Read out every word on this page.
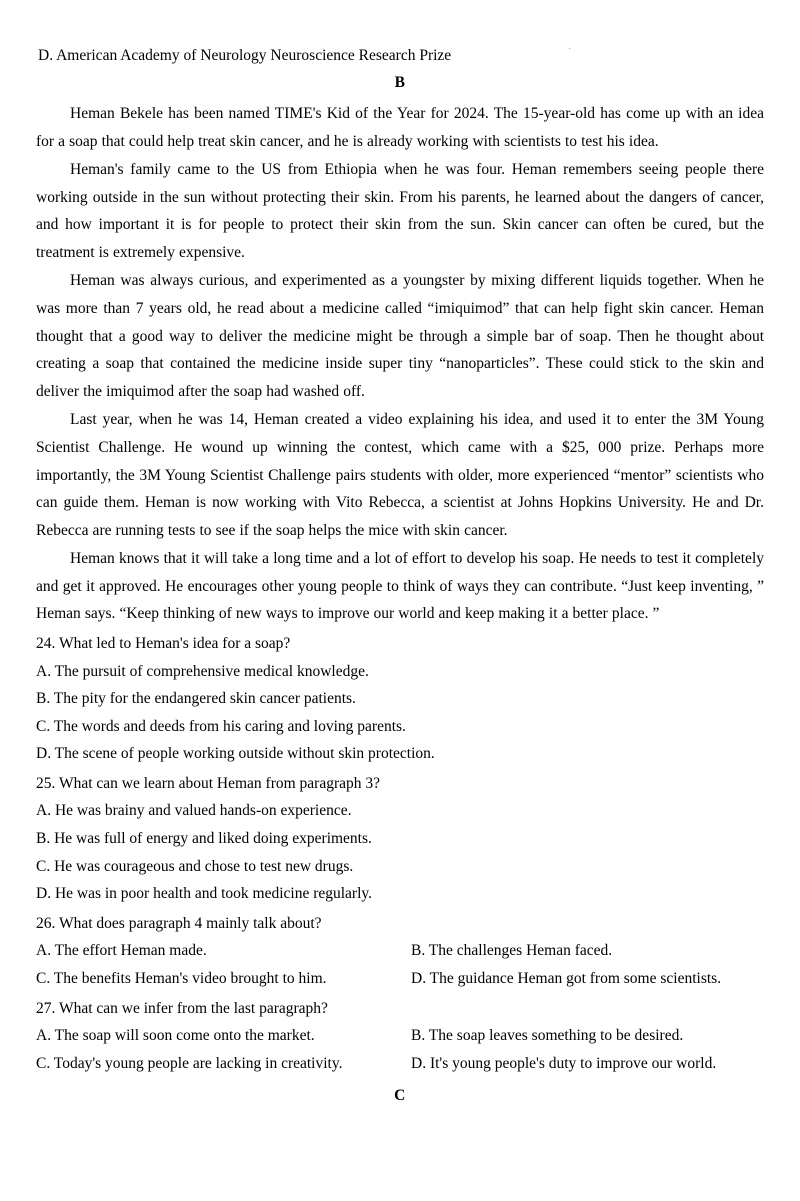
·
D. American Academy of Neurology Neuroscience Research Prize
B

Heman Bekele has been named TIME's Kid of the Year for 2024. The 15-year-old has come up with an idea for a soap that could help treat skin cancer, and he is already working with scientists to test his idea.

Heman's family came to the US from Ethiopia when he was four. Heman remembers seeing people there working outside in the sun without protecting their skin. From his parents, he learned about the dangers of cancer, and how important it is for people to protect their skin from the sun. Skin cancer can often be cured, but the treatment is extremely expensive.

Heman was always curious, and experimented as a youngster by mixing different liquids together. When he was more than 7 years old, he read about a medicine called “imiquimod” that can help fight skin cancer. Heman thought that a good way to deliver the medicine might be through a simple bar of soap. Then he thought about creating a soap that contained the medicine inside super tiny “nanoparticles”. These could stick to the skin and deliver the imiquimod after the soap had washed off.

Last year, when he was 14, Heman created a video explaining his idea, and used it to enter the 3M Young Scientist Challenge. He wound up winning the contest, which came with a $25, 000 prize. Perhaps more importantly, the 3M Young Scientist Challenge pairs students with older, more experienced “mentor” scientists who can guide them. Heman is now working with Vito Rebecca, a scientist at Johns Hopkins University. He and Dr. Rebecca are running tests to see if the soap helps the mice with skin cancer.

Heman knows that it will take a long time and a lot of effort to develop his soap. He needs to test it completely and get it approved. He encourages other young people to think of ways they can contribute. “Just keep inventing, ” Heman says. “Keep thinking of new ways to improve our world and keep making it a better place. ”

24. What led to Heman's idea for a soap?
A. The pursuit of comprehensive medical knowledge.
B. The pity for the endangered skin cancer patients.
C. The words and deeds from his caring and loving parents.
D. The scene of people working outside without skin protection.
25. What can we learn about Heman from paragraph 3?
A. He was brainy and valued hands-on experience.
B. He was full of energy and liked doing experiments.
C. He was courageous and chose to test new drugs.
D. He was in poor health and took medicine regularly.
26. What does paragraph 4 mainly talk about?
A. The effort Heman made.	B. The challenges Heman faced.
C. The benefits Heman's video brought to him.	D. The guidance Heman got from some scientists.
27. What can we infer from the last paragraph?
A. The soap will soon come onto the market.	B. The soap leaves something to be desired.
C. Today's young people are lacking in creativity.	D. It's young people's duty to improve our world.
C
